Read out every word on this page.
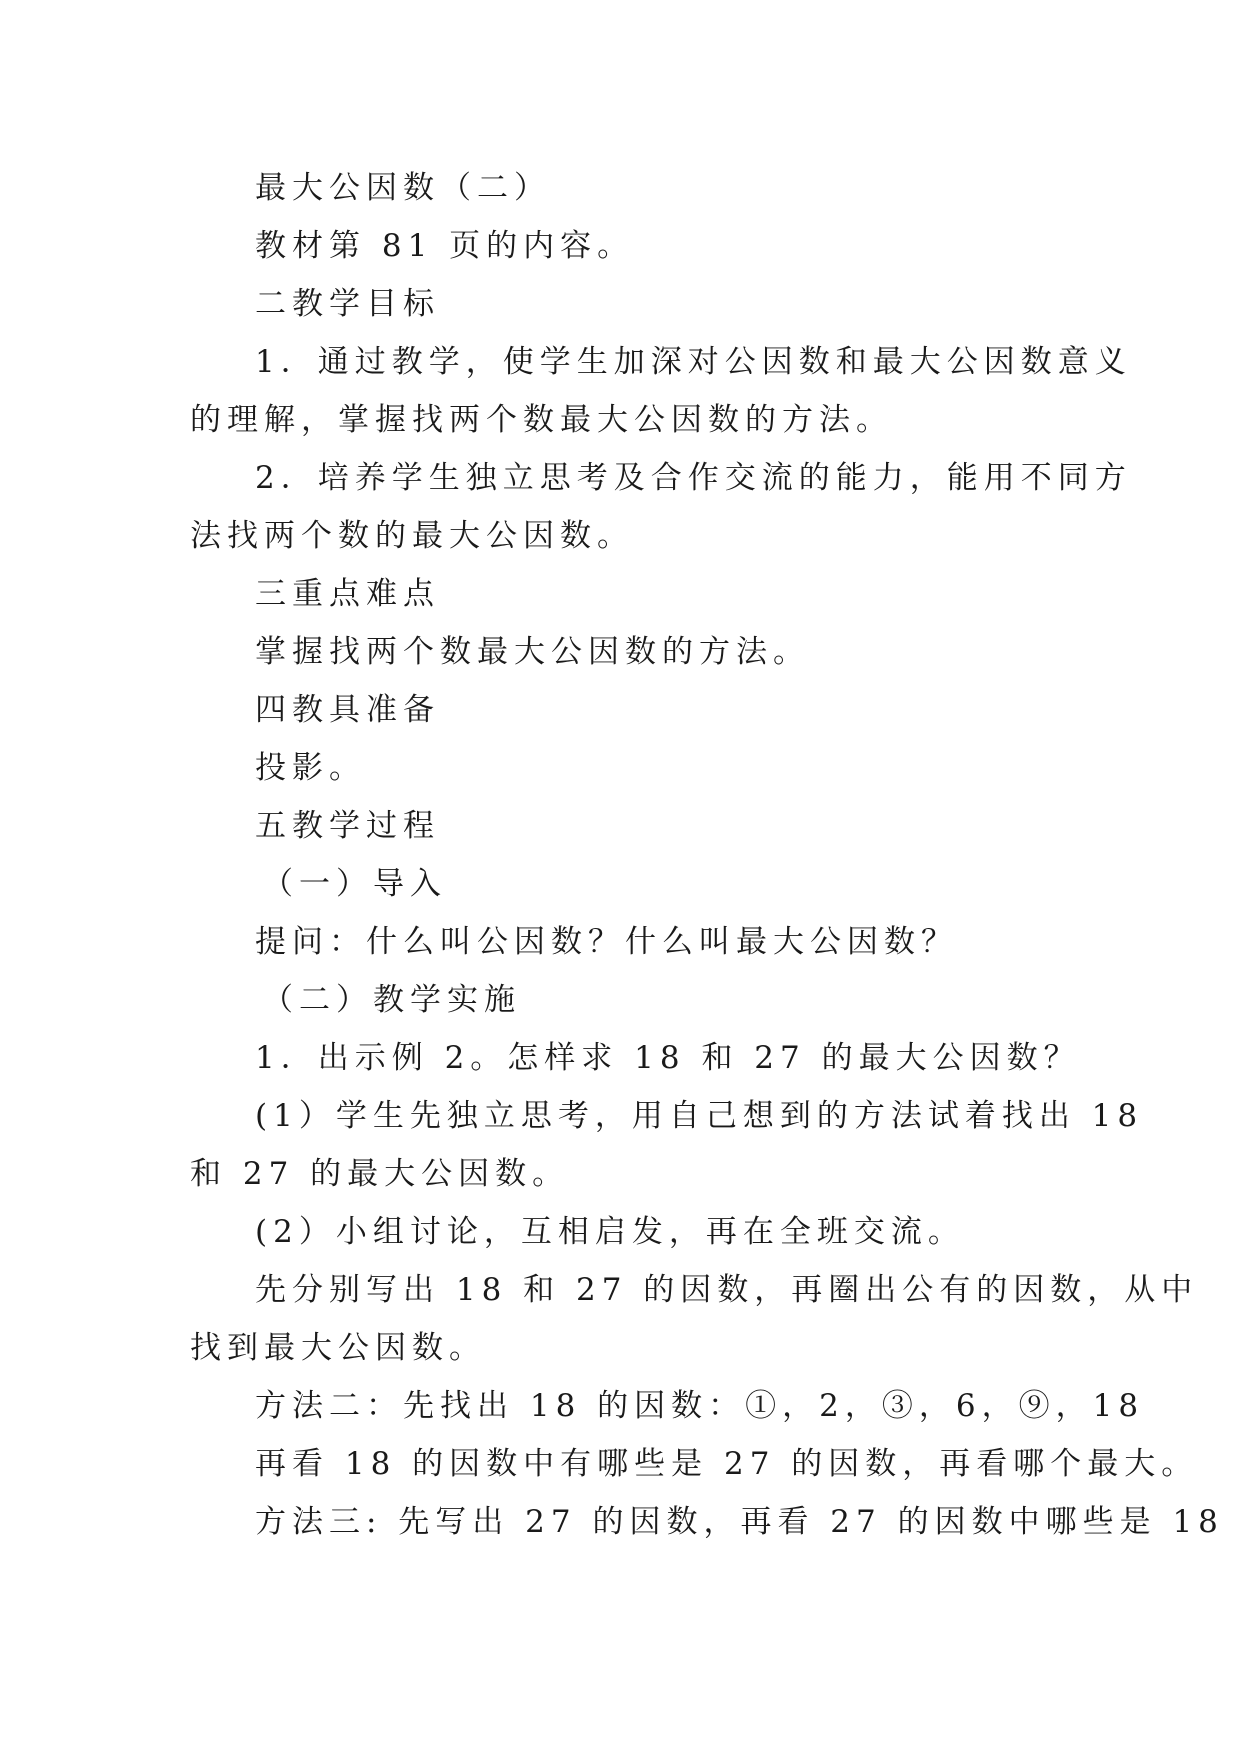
最大公因数（二）
教材第 81 页的内容。
二教学目标
1．通过教学，使学生加深对公因数和最大公因数意义
的理解，掌握找两个数最大公因数的方法。
2．培养学生独立思考及合作交流的能力，能用不同方
法找两个数的最大公因数。
三重点难点
掌握找两个数最大公因数的方法。
四教具准备
投影。
五教学过程
（一）导入
提问：什么叫公因数？什么叫最大公因数？
（二）教学实施
1．出示例 2。怎样求 18 和 27 的最大公因数？
(1）学生先独立思考，用自己想到的方法试着找出 18
和 27 的最大公因数。
(2）小组讨论，互相启发，再在全班交流。
先分别写出 18 和 27 的因数，再圈出公有的因数，从中
找到最大公因数。
方法二：先找出 18 的因数：①，2，③，6，⑨，18
再看 18 的因数中有哪些是 27 的因数，再看哪个最大。
方法三: 先写出 27 的因数，再看 27 的因数中哪些是 18
